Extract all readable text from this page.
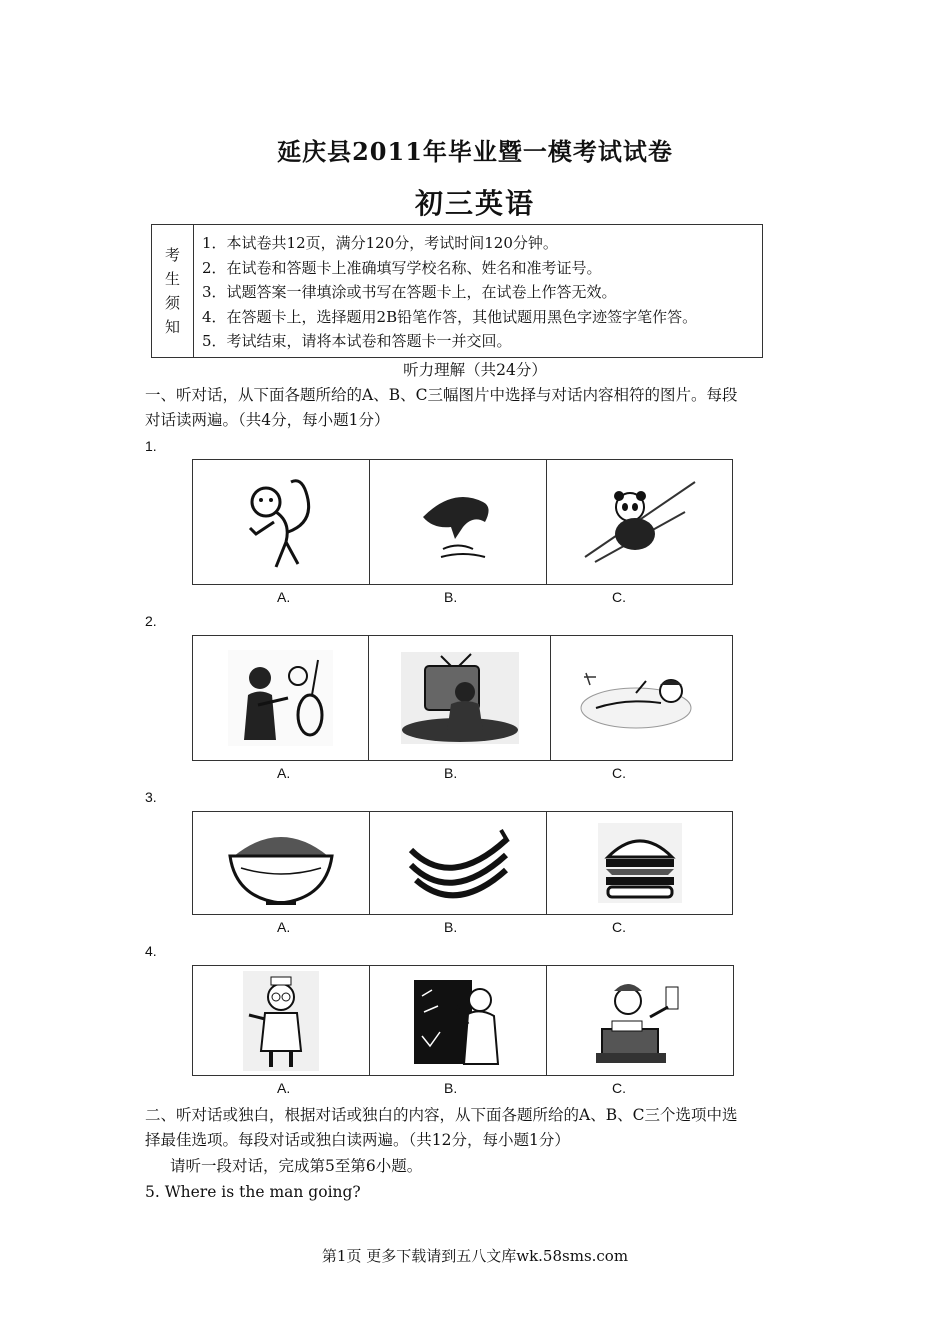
延庆县2011年毕业暨一模考试试卷
初三英语
考
生
须
知
1．本试卷共12页，满分120分，考试时间120分钟。
2．在试卷和答题卡上准确填写学校名称、姓名和准考证号。
3．试题答案一律填涂或书写在答题卡上，在试卷上作答无效。
4．在答题卡上，选择题用2B铅笔作答，其他试题用黑色字迹签字笔作答。
5．考试结束，请将本试卷和答题卡一并交回。
听力理解（共24分）
一、听对话，从下面各题所给的A、B、C三幅图片中选择与对话内容相符的图片。每段
对话读两遍。（共4分，每小题1分）
1.
A.	B.	C.
2.
A.	B.	C.
3.
A.	B.	C.
4.
A.	B.	C.
二、听对话或独白，根据对话或独白的内容，从下面各题所给的A、B、C三个选项中选
择最佳选项。每段对话或独白读两遍。（共12分，每小题1分）
请听一段对话，完成第5至第6小题。
5. Where is the man going?
第1页 更多下载请到五八文库wk.58sms.com
